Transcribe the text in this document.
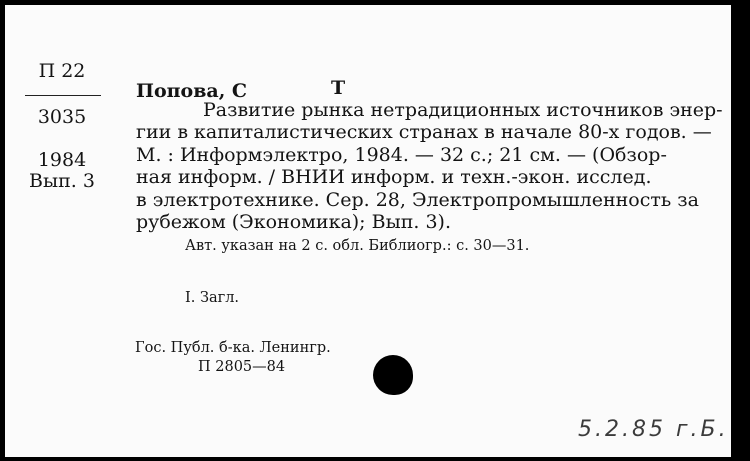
П 22
3035
1984
Вып. 3
Попова, С	Т
Развитие рынка нетрадиционных источников энер-
гии в капиталистических странах в начале 80-х годов. —
М. : Информэлектро, 1984. — 32 с.; 21 см. — (Обзор-
ная информ. / ВНИИ информ. и техн.-экон. исслед.
в электротехнике. Сер. 28, Электропромышленность за
рубежом (Экономика); Вып. 3).
Авт. указан на 2 с. обл. Библиогр.: с. 30—31.
I. Загл.
Гос. Публ. б-ка. Ленингр.
П 2805—84
5.2.85 г.Б.
